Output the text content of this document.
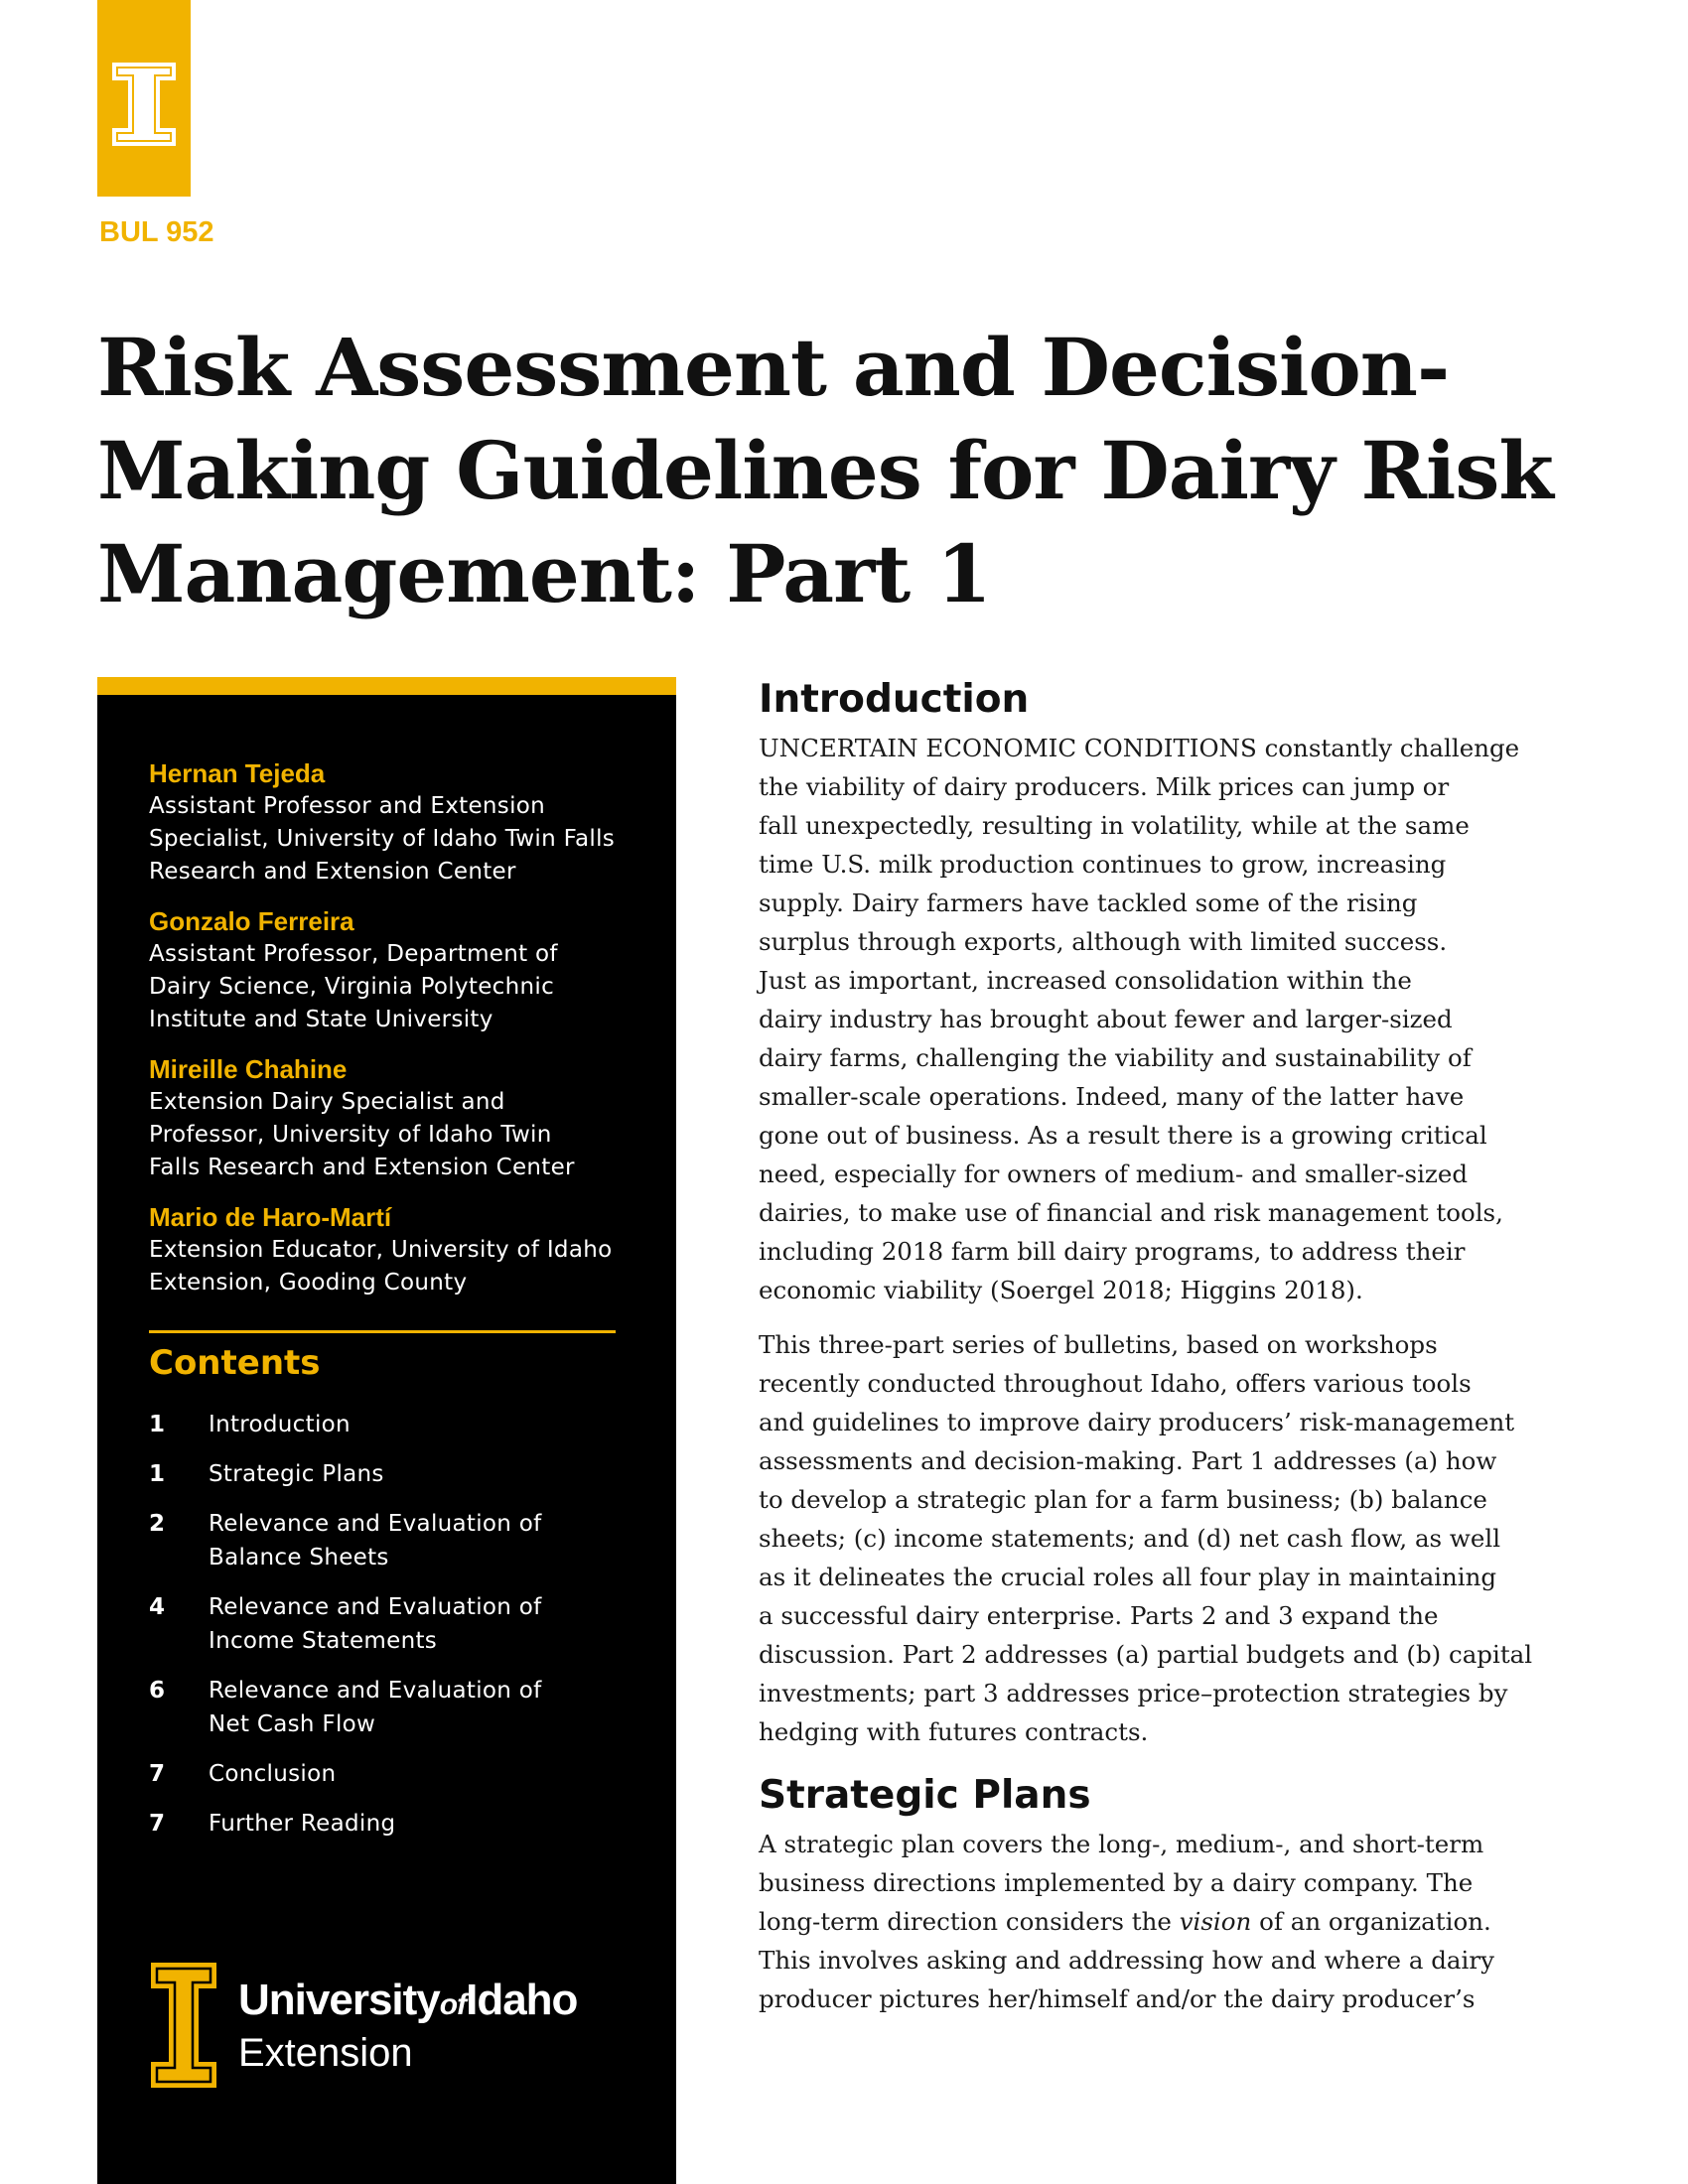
BUL 952
Risk Assessment and Decision-
Making Guidelines for Dairy Risk
Management: Part 1
Hernan Tejeda
Assistant Professor and Extension
Specialist, University of Idaho Twin Falls
Research and Extension Center
Gonzalo Ferreira
Assistant Professor, Department of
Dairy Science, Virginia Polytechnic
Institute and State University
Mireille Chahine
Extension Dairy Specialist and
Professor, University of Idaho Twin
Falls Research and Extension Center
Mario de Haro-Martí
Extension Educator, University of Idaho
Extension, Gooding County
Contents
1	Introduction
1	Strategic Plans
2	Relevance and Evaluation of
Balance Sheets
4	Relevance and Evaluation of
Income Statements
6	Relevance and Evaluation of
Net Cash Flow
7	Conclusion
7	Further Reading
UniversityofIdaho
Extension
Introduction

UNCERTAIN ECONOMIC CONDITIONS constantly challenge
the viability of dairy producers. Milk prices can jump or
fall unexpectedly, resulting in volatility, while at the same
time U.S. milk production continues to grow, increasing
supply. Dairy farmers have tackled some of the rising
surplus through exports, although with limited success.
Just as important, increased consolidation within the
dairy industry has brought about fewer and larger-sized
dairy farms, challenging the viability and sustainability of
smaller-scale operations. Indeed, many of the latter have
gone out of business. As a result there is a growing critical
need, especially for owners of medium- and smaller-sized
dairies, to make use of financial and risk management tools,
including 2018 farm bill dairy programs, to address their
economic viability (Soergel 2018; Higgins 2018).

This three-part series of bulletins, based on workshops
recently conducted throughout Idaho, offers various tools
and guidelines to improve dairy producers’ risk-management
assessments and decision-making. Part 1 addresses (a) how
to develop a strategic plan for a farm business; (b) balance
sheets; (c) income statements; and (d) net cash flow, as well
as it delineates the crucial roles all four play in maintaining
a successful dairy enterprise. Parts 2 and 3 expand the
discussion. Part 2 addresses (a) partial budgets and (b) capital
investments; part 3 addresses price–protection strategies by
hedging with futures contracts.

Strategic Plans

A strategic plan covers the long-, medium-, and short-term
business directions implemented by a dairy company. The
long-term direction considers the vision of an organization.
This involves asking and addressing how and where a dairy
producer pictures her/himself and/or the dairy producer’s
